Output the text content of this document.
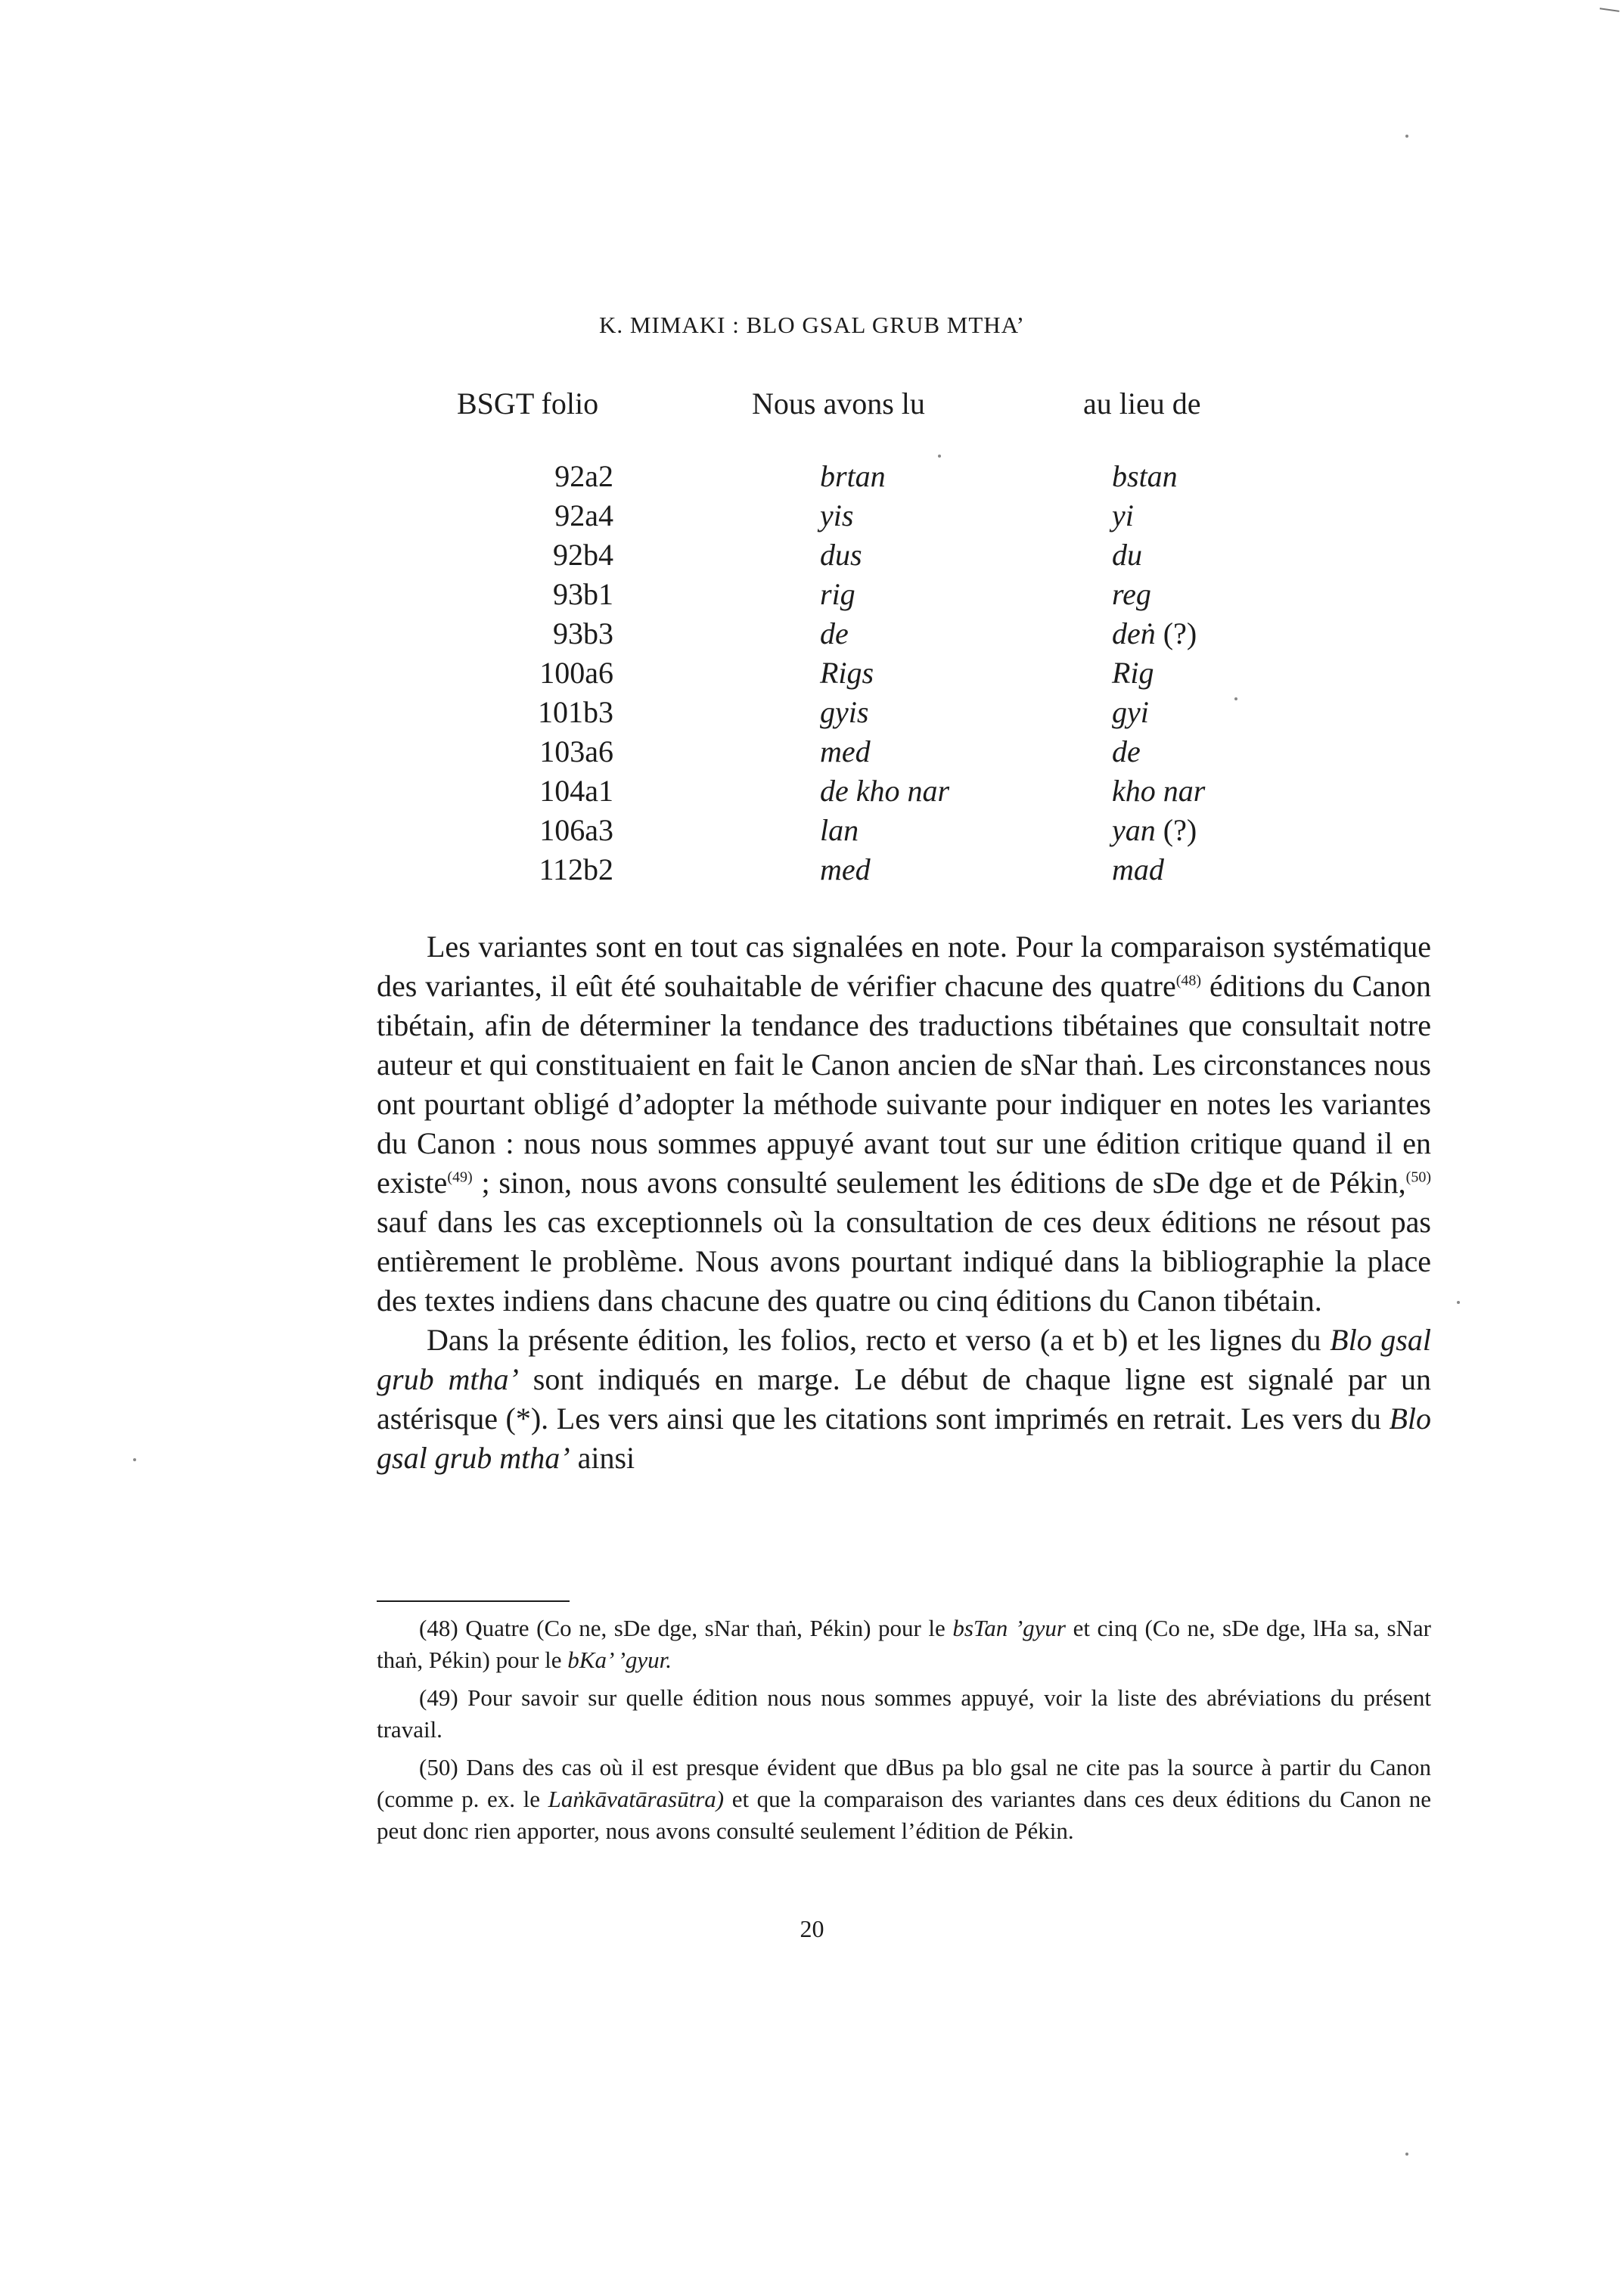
K. MIMAKI : BLO GSAL GRUB MTHA’
BSGT folio	Nous avons lu	au lieu de
92a2	brtan	bstan
92a4	yis	yi
92b4	dus	du
93b1	rig	reg
93b3	de	deṅ (?)
100a6	Rigs	Rig
101b3	gyis	gyi
103a6	med	de
104a1	de kho nar	kho nar
106a3	lan	yan (?)
112b2	med	mad

Les variantes sont en tout cas signalées en note. Pour la comparaison systématique des variantes, il eût été souhaitable de vérifier chacune des quatre$^{(48)}$ éditions du Canon tibétain, afin de déterminer la tendance des traductions tibétaines que consultait notre auteur et qui constituaient en fait le Canon ancien de sNar thaṅ. Les circonstances nous ont pourtant obligé d’adopter la méthode suivante pour indiquer en notes les variantes du Canon : nous nous sommes appuyé avant tout sur une édition critique quand il en existe$^{(49)}$ ; sinon, nous avons consulté seulement les éditions de sDe dge et de Pékin,$^{(50)}$ sauf dans les cas exceptionnels où la consultation de ces deux éditions ne résout pas entièrement le problème. Nous avons pourtant indiqué dans la bibliographie la place des textes indiens dans chacune des quatre ou cinq éditions du Canon tibétain.

Dans la présente édition, les folios, recto et verso (a et b) et les lignes du Blo gsal grub mtha’ sont indiqués en marge. Le début de chaque ligne est signalé par un astérisque (*). Les vers ainsi que les citations sont imprimés en retrait. Les vers du Blo gsal grub mtha’ ainsi

(48) Quatre (Co ne, sDe dge, sNar thaṅ, Pékin) pour le bsTan ’gyur et cinq (Co ne, sDe dge, lHa sa, sNar thaṅ, Pékin) pour le bKa’ ’gyur.

(49) Pour savoir sur quelle édition nous nous sommes appuyé, voir la liste des abréviations du présent travail.

(50) Dans des cas où il est presque évident que dBus pa blo gsal ne cite pas la source à partir du Canon (comme p. ex. le Laṅkāvatārasūtra) et que la comparaison des variantes dans ces deux éditions du Canon ne peut donc rien apporter, nous avons consulté seulement l’édition de Pékin.

20
